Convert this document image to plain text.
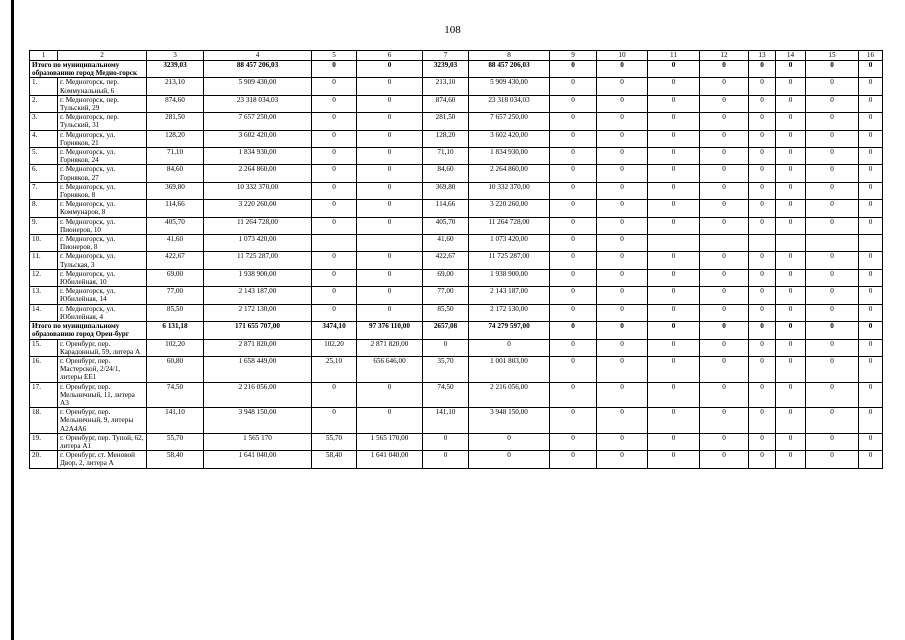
108
1	2	3	4	5	6	7	8	9	10	11	12	13	14	15	16
Итого по муниципальному образованию город Медно-горск		3239,03	88 457 206,03	0	0	3239,03	88 457 206,03	0	0	0	0	0	0	0	0
1.	г. Медногорск, пер. Коммунальный, 6	213,10	5 909 430,00	0	0	213,10	5 909 430,00	0	0	0	0	0	0	0	0
2.	г. Медногорск, пер. Тульский, 29	874,60	23 318 034,03	0	0	874,60	23 318 034,03	0	0	0	0	0	0	0	0
3.	г. Медногорск, пер. Тульский, 31	281,50	7 657 250,00	0	0	281,50	7 657 250,00	0	0	0	0	0	0	0	0
4.	г. Медногорск, ул. Горняков, 21	128,20	3 602 420,00	0	0	128,20	3 602 420,00	0	0	0	0	0	0	0	0
5.	г. Медногорск, ул. Горняков, 24	71,10	1 834 930,00	0	0	71,10	1 834 930,00	0	0	0	0	0	0	0	0
6.	г. Медногорск, ул. Горняков, 27	84,60	2 264 860,00	0	0	84,60	2 264 860,00	0	0	0	0	0	0	0	0
7.	г. Медногорск, ул. Горняков, 8	369,80	10 332 370,00	0	0	369,80	10 332 370,00	0	0	0	0	0	0	0	0
8.	г. Медногорск, ул. Коммунаров, 8	114,66	3 220 260,00	0	0	114,66	3 220 260,00	0	0	0	0	0	0	0	0
9.	г. Медногорск, ул. Пионеров, 10	405,70	11 264 728,00	0	0	405,70	11 264 728,00	0	0	0	0	0	0	0	0
10.	г. Медногорск, ул. Пионеров, 8	41,60	1 073 420,00			41,60	1 073 420,00	0	0						
11.	г. Медногорск, ул. Тульская, 3	422,67	11 725 287,00	0	0	422,67	11 725 287,00	0	0	0	0	0	0	0	0
12.	г. Медногорск, ул. Юбилейная, 10	69,00	1 938 900,00	0	0	69,00	1 938 900,00	0	0	0	0	0	0	0	0
13.	г. Медногорск, ул. Юбилейная, 14	77,00	2 143 187,00	0	0	77,00	2 143 187,00	0	0	0	0	0	0	0	0
14.	г. Медногорск, ул. Юбилейная, 4	85,50	2 172 130,00	0	0	85,50	2 172 130,00	0	0	0	0	0	0	0	0
Итого по муниципальному образованию город Орен-бург		6 131,18	171 655 707,00	3474,10	97 376 110,00	2657,08	74 279 597,00	0	0	0	0	0	0	0	0
15.	г. Оренбург, пер. Карадонный, 59, литера А	102,20	2 871 820,00	102,20	2 871 820,00	0	0	0	0	0	0	0	0	0	0
16.	г. Оренбург, пер. Мастерской, 2/24/1, литеры ЕЕ1	60,80	1 658 449,00	25,10	656 646,00	35,70	1 001 803,00	0	0	0	0	0	0	0	0
17.	г. Оренбург, пер. Мельничный, 11, литера А3	74,50	2 216 056,00	0	0	74,50	2 216 056,00	0	0	0	0	0	0	0	0
18.	г. Оренбург, пер. Мельничный, 9, литеры А2А4А6	141,10	3 948 150,00	0	0	141,10	3 948 150,00	0	0	0	0	0	0	0	0
19.	г. Оренбург, пер. Тупой, 62, литера А1	55,70	1 565 170	55,70	1 565 170,00	0	0	0	0	0	0	0	0	0	0
20.	г. Оренбург, ст. Меновой Двор, 2, литера А	58,40	1 641 040,00	58,40	1 641 040,00	0	0	0	0	0	0	0	0	0	0
